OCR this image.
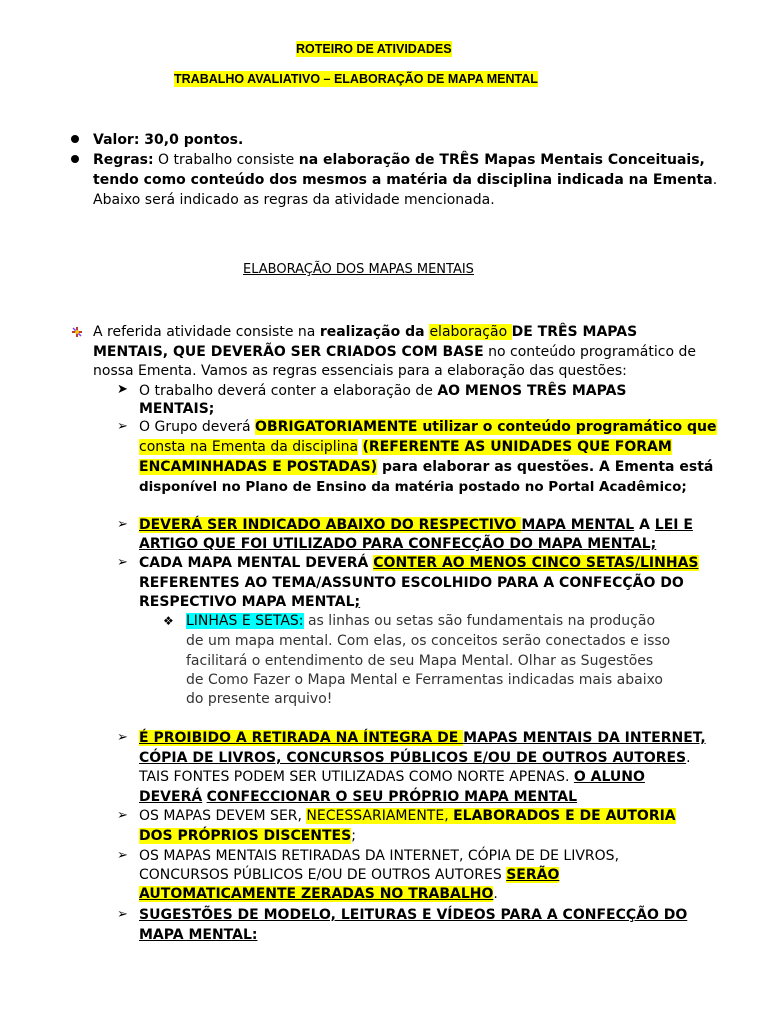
ROTEIRO DE ATIVIDADES
TRABALHO AVALIATIVO – ELABORAÇÃO DE MAPA MENTAL
Valor: 30,0 pontos.
Regras: O trabalho consiste na elaboração de TRÊS Mapas Mentais Conceituais,
tendo como conteúdo dos mesmos a matéria da disciplina indicada na Ementa.
Abaixo será indicado as regras da atividade mencionada.
ELABORAÇÃO DOS MAPAS MENTAIS
A referida atividade consiste na realização da elaboração DE TRÊS MAPAS
MENTAIS, QUE DEVERÃO SER CRIADOS COM BASE no conteúdo programático de
nossa Ementa. Vamos as regras essenciais para a elaboração das questões:
➤ O trabalho deverá conter a elaboração de AO MENOS TRÊS MAPAS
MENTAIS;
➢ O Grupo deverá OBRIGATORIAMENTE utilizar o conteúdo programático que
consta na Ementa da disciplina (REFERENTE AS UNIDADES QUE FORAM
ENCAMINHADAS E POSTADAS) para elaborar as questões. A Ementa está
disponível no Plano de Ensino da matéria postado no Portal Acadêmico;
➢ DEVERÁ SER INDICADO ABAIXO DO RESPECTIVO MAPA MENTAL A LEI E
ARTIGO QUE FOI UTILIZADO PARA CONFECÇÃO DO MAPA MENTAL;
➢ CADA MAPA MENTAL DEVERÁ CONTER AO MENOS CINCO SETAS/LINHAS
REFERENTES AO TEMA/ASSUNTO ESCOLHIDO PARA A CONFECÇÃO DO
RESPECTIVO MAPA MENTAL;
❖ LINHAS E SETAS: as linhas ou setas são fundamentais na produção
de um mapa mental. Com elas, os conceitos serão conectados e isso
facilitará o entendimento de seu Mapa Mental. Olhar as Sugestões
de Como Fazer o Mapa Mental e Ferramentas indicadas mais abaixo
do presente arquivo!
➢ É PROIBIDO A RETIRADA NA ÍNTEGRA DE MAPAS MENTAIS DA INTERNET,
CÓPIA DE LIVROS, CONCURSOS PÚBLICOS E/OU DE OUTROS AUTORES.
TAIS FONTES PODEM SER UTILIZADAS COMO NORTE APENAS. O ALUNO
DEVERÁ CONFECCIONAR O SEU PRÓPRIO MAPA MENTAL
➢ OS MAPAS DEVEM SER, NECESSARIAMENTE, ELABORADOS E DE AUTORIA
DOS PRÓPRIOS DISCENTES;
➢ OS MAPAS MENTAIS RETIRADAS DA INTERNET, CÓPIA DE DE LIVROS,
CONCURSOS PÚBLICOS E/OU DE OUTROS AUTORES SERÃO
AUTOMATICAMENTE ZERADAS NO TRABALHO.
➢ SUGESTÕES DE MODELO, LEITURAS E VÍDEOS PARA A CONFECÇÃO DO
MAPA MENTAL:
